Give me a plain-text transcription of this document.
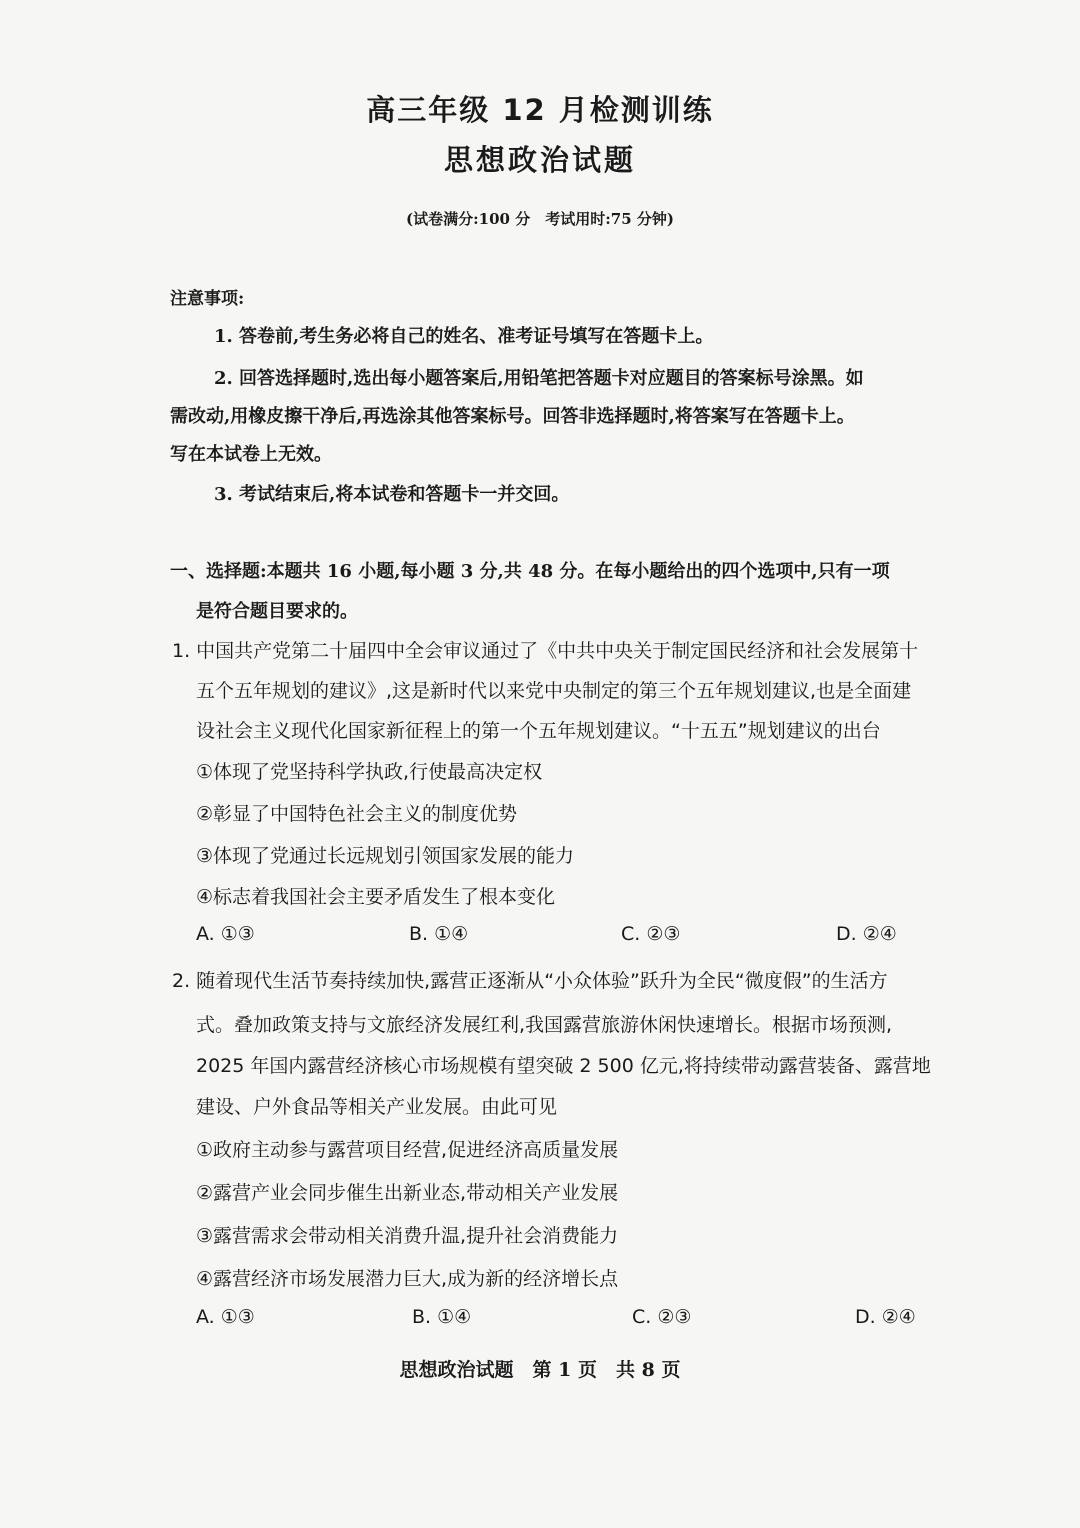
高三年级 12 月检测训练
思想政治试题
(试卷满分:100 分　考试用时:75 分钟)
注意事项:
1. 答卷前,考生务必将自己的姓名、准考证号填写在答题卡上。
2. 回答选择题时,选出每小题答案后,用铅笔把答题卡对应题目的答案标号涂黑。如
需改动,用橡皮擦干净后,再选涂其他答案标号。回答非选择题时,将答案写在答题卡上。
写在本试卷上无效。
3. 考试结束后,将本试卷和答题卡一并交回。
一、选择题:本题共 16 小题,每小题 3 分,共 48 分。在每小题给出的四个选项中,只有一项
是符合题目要求的。
1. 中国共产党第二十届四中全会审议通过了《中共中央关于制定国民经济和社会发展第十
五个五年规划的建议》,这是新时代以来党中央制定的第三个五年规划建议,也是全面建
设社会主义现代化国家新征程上的第一个五年规划建议。“十五五”规划建议的出台
①体现了党坚持科学执政,行使最高决定权
②彰显了中国特色社会主义的制度优势
③体现了党通过长远规划引领国家发展的能力
④标志着我国社会主要矛盾发生了根本变化
A. ①③	B. ①④	C. ②③	D. ②④
2. 随着现代生活节奏持续加快,露营正逐渐从“小众体验”跃升为全民“微度假”的生活方
式。叠加政策支持与文旅经济发展红利,我国露营旅游休闲快速增长。根据市场预测,
2025 年国内露营经济核心市场规模有望突破 2 500 亿元,将持续带动露营装备、露营地
建设、户外食品等相关产业发展。由此可见
①政府主动参与露营项目经营,促进经济高质量发展
②露营产业会同步催生出新业态,带动相关产业发展
③露营需求会带动相关消费升温,提升社会消费能力
④露营经济市场发展潜力巨大,成为新的经济增长点
A. ①③	B. ①④	C. ②③	D. ②④
思想政治试题　第 1 页　共 8 页
